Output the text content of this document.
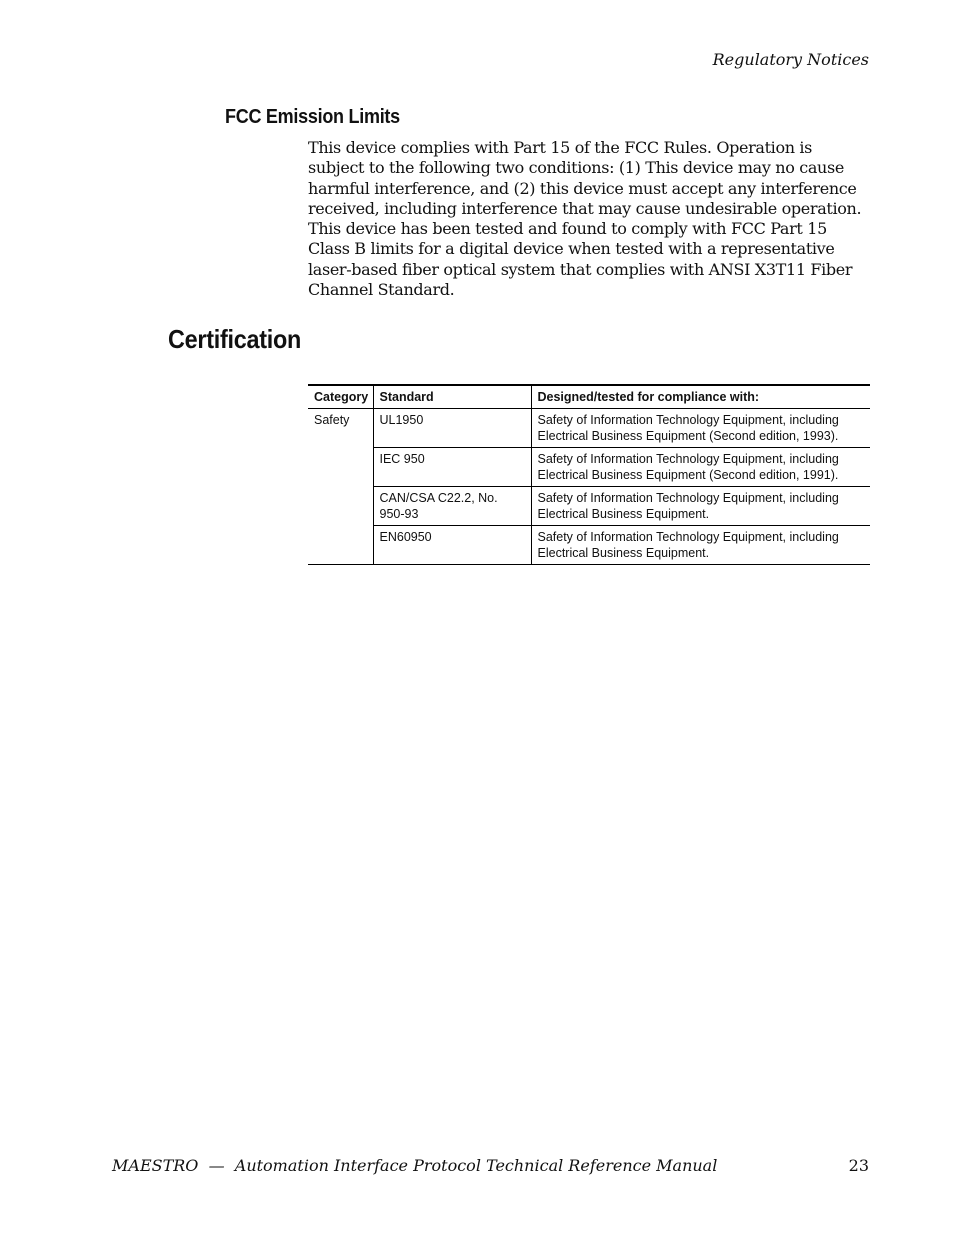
Regulatory Notices
FCC Emission Limits

This device complies with Part 15 of the FCC Rules. Operation is subject to the following two conditions: (1) This device may no cause harmful interference, and (2) this device must accept any interference received, including interference that may cause undesirable operation. This device has been tested and found to comply with FCC Part 15 Class B limits for a digital device when tested with a representative laser-based fiber optical system that complies with ANSI X3T11 Fiber Channel Standard.

Certification
Category	Standard	Designed/tested for compliance with:
Safety	UL1950	Safety of Information Technology Equipment, including Electrical Business Equipment (Second edition, 1993).
	IEC 950	Safety of Information Technology Equipment, including Electrical Business Equipment (Second edition, 1991).
	CAN/CSA C22.2, No. 950-93	Safety of Information Technology Equipment, including Electrical Business Equipment.
	EN60950	Safety of Information Technology Equipment, including Electrical Business Equipment.
MAESTRO  —  Automation Interface Protocol Technical Reference Manual	23
